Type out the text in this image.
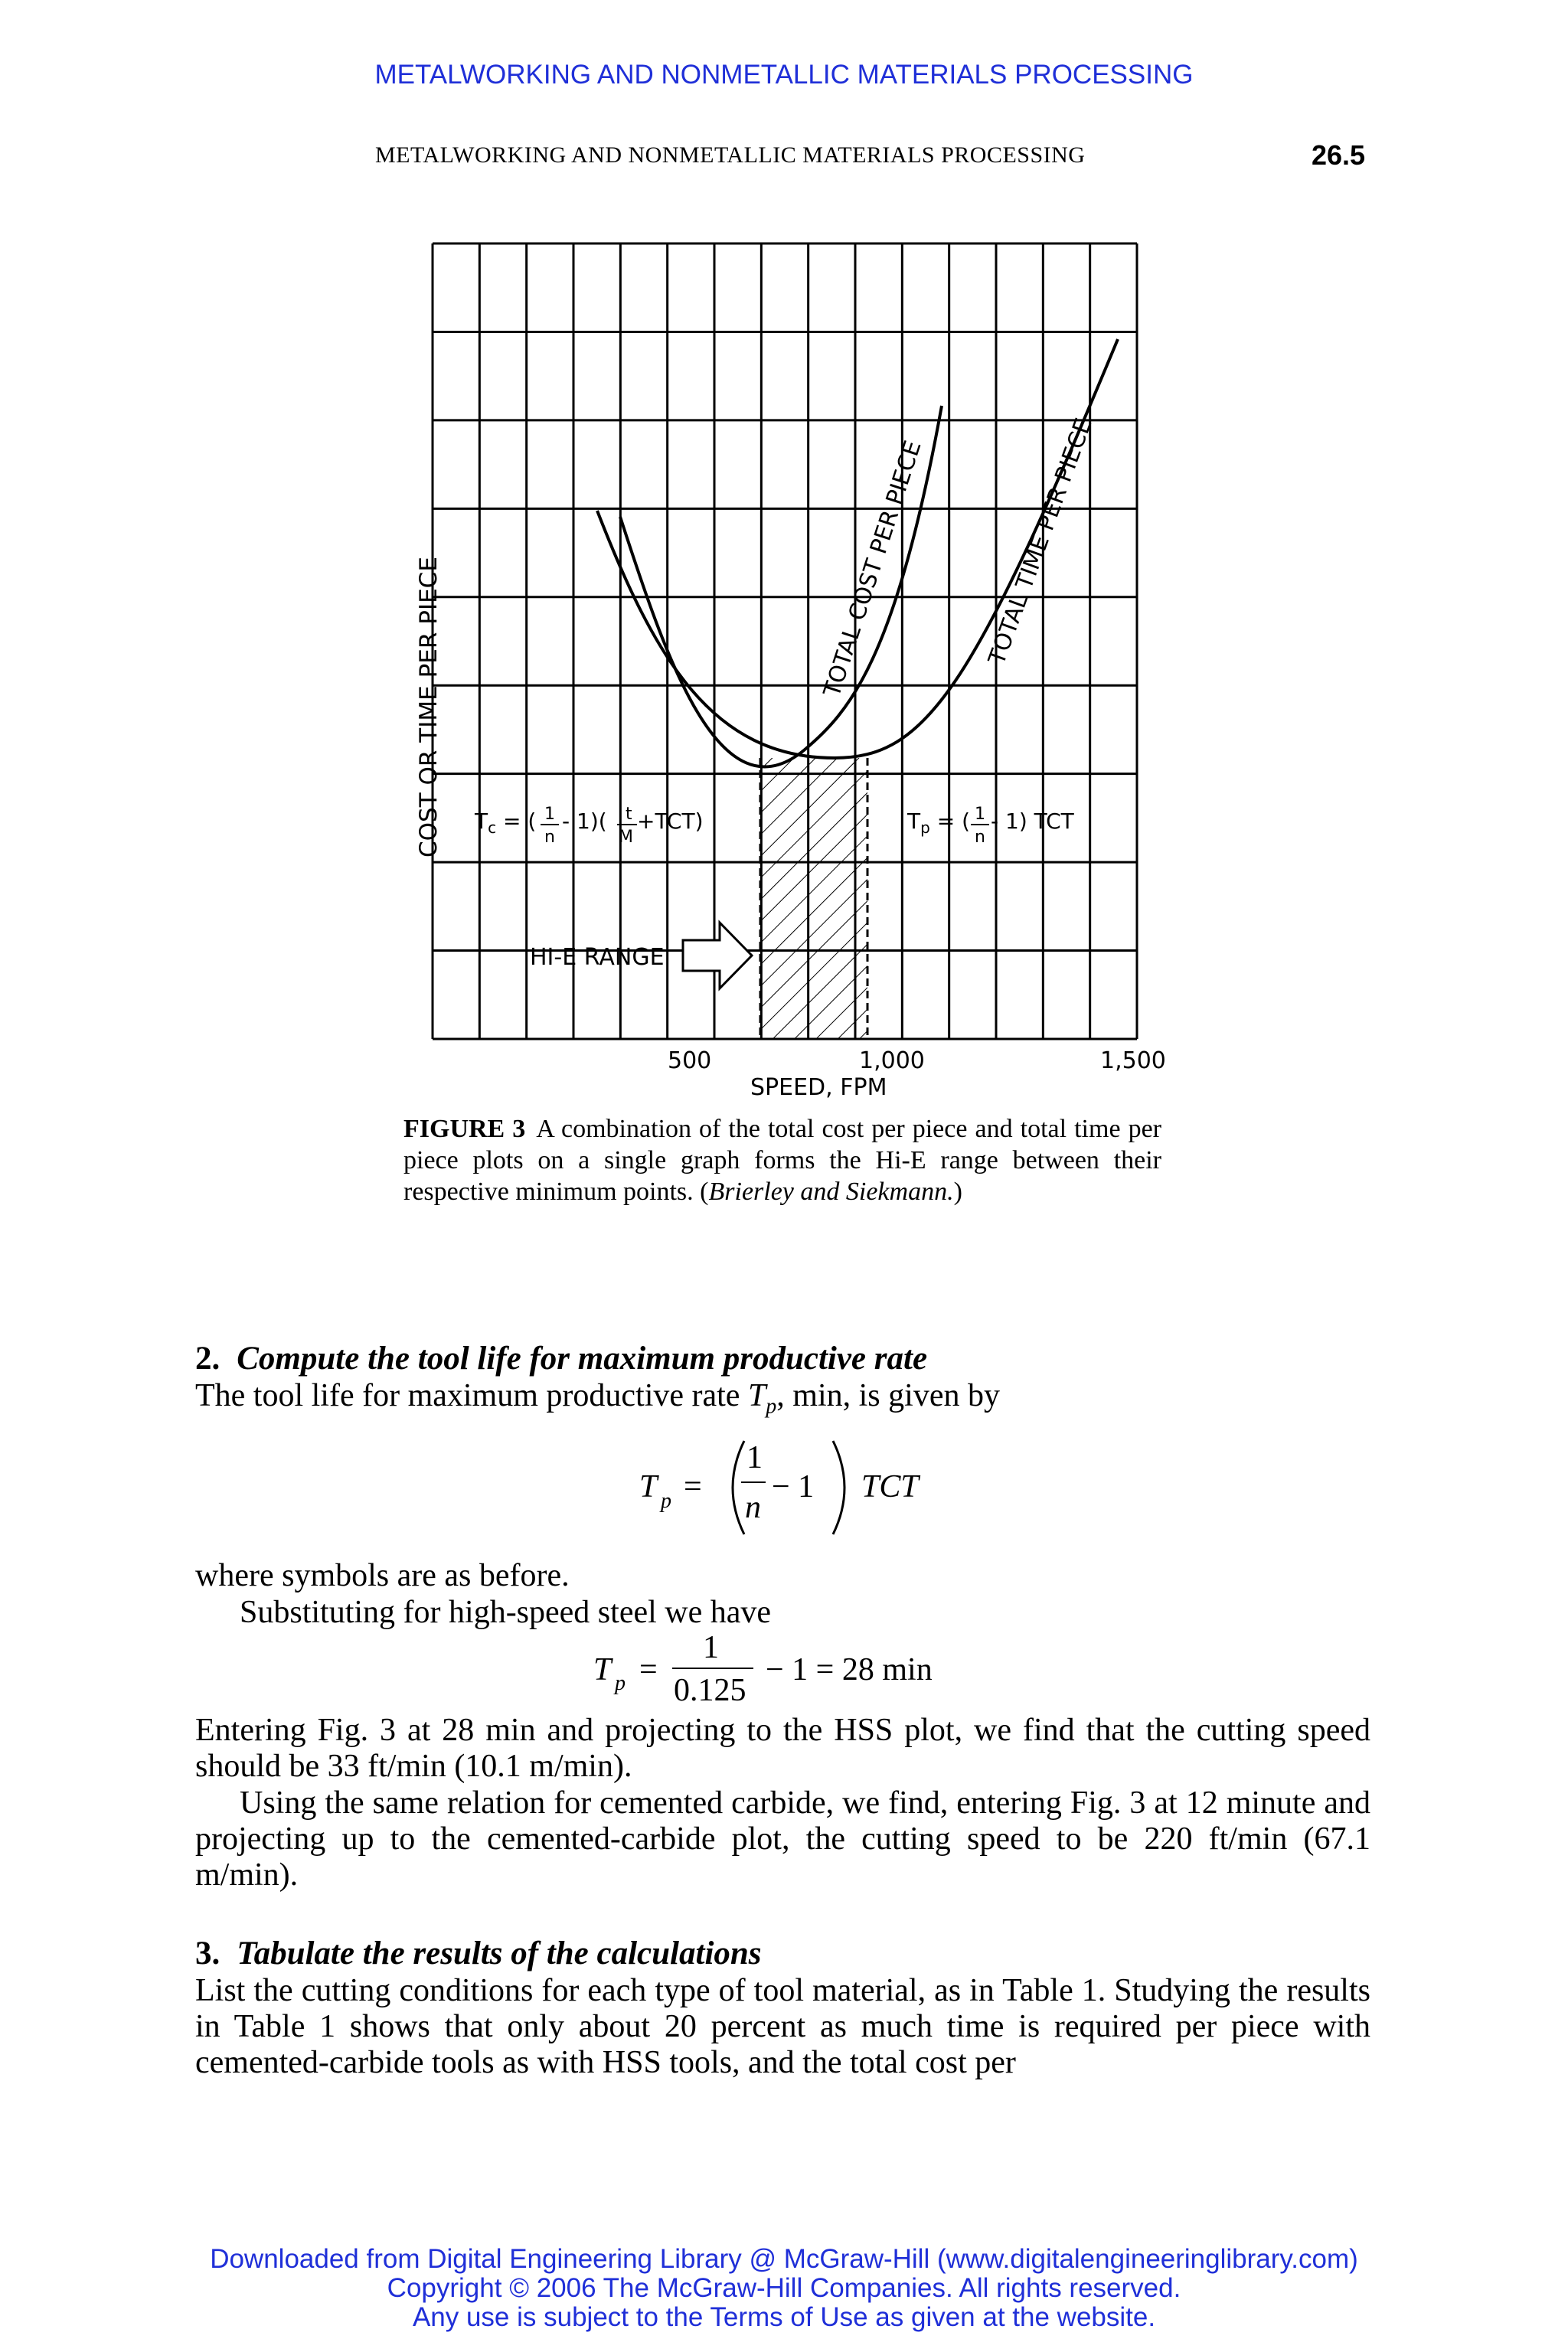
METALWORKING AND NONMETALLIC MATERIALS PROCESSING
METALWORKING AND NONMETALLIC MATERIALS PROCESSING	26.5
TOTAL COST PER PIECE TOTAL TIME PER PIECE
COST OR TIME PER PIECE
500	1,000	1,500
SPEED, FPM
$T_c$ = ( 1
n
- 1)( t
M
+TCT)	$T_p$ = ( 1
n
- 1) TCT
HI-E RANGE
FIGURE 3 A combination of the total cost per piece and total time per piece plots on a single graph forms the Hi-E range between their respective minimum points. (Brierley and Siekmann.)
2. Compute the tool life for maximum productive rate
The tool life for maximum productive rate $T_p$, min, is given by
T p =
1
n
− 1 TCT
where symbols are as before.
Substituting for high-speed steel we have
T p =
1
0.125
− 1 = 28 min
Entering Fig. 3 at 28 min and projecting to the HSS plot, we find that the cutting speed should be 33 ft/min (10.1 m/min).
Using the same relation for cemented carbide, we find, entering Fig. 3 at 12 minute and projecting up to the cemented-carbide plot, the cutting speed to be 220 ft/min (67.1 m/min).
3. Tabulate the results of the calculations
List the cutting conditions for each type of tool material, as in Table 1. Studying the results in Table 1 shows that only about 20 percent as much time is required per piece with cemented-carbide tools as with HSS tools, and the total cost per
Downloaded from Digital Engineering Library @ McGraw-Hill (www.digitalengineeringlibrary.com)
Copyright © 2006 The McGraw-Hill Companies. All rights reserved.
Any use is subject to the Terms of Use as given at the website.
